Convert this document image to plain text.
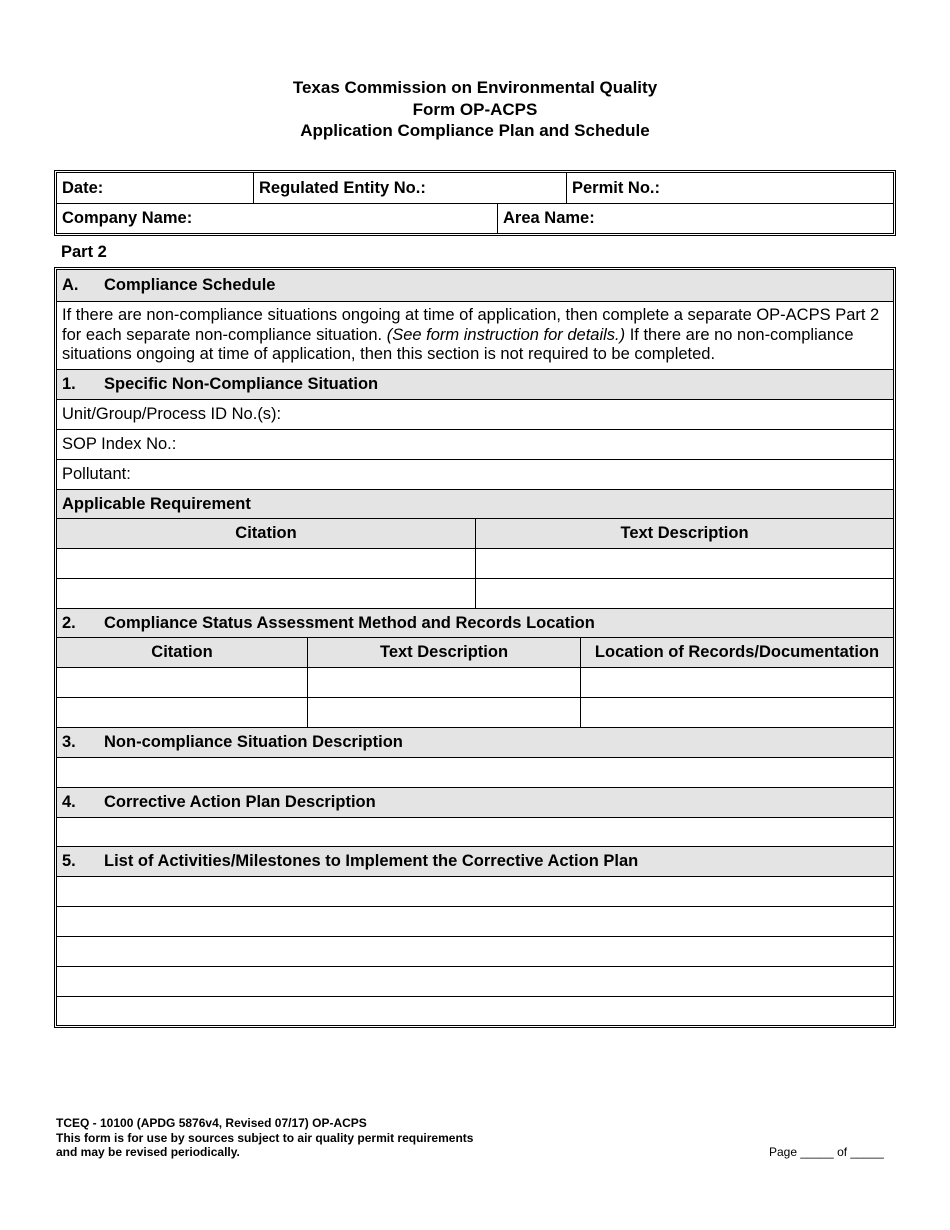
Texas Commission on Environmental Quality
Form OP-ACPS
Application Compliance Plan and Schedule
Date:	Regulated Entity No.:	Permit No.:
Company Name:	Area Name:
Part 2
A.	Compliance Schedule
If there are non-compliance situations ongoing at time of application, then complete a separate OP-ACPS Part 2 for each separate non-compliance situation. (See form instruction for details.) If there are no non-compliance situations ongoing at time of application, then this section is not required to be completed.
1.	Specific Non-Compliance Situation
Unit/Group/Process ID No.(s):
SOP Index No.:
Pollutant:
Applicable Requirement
Citation	Text Description
2.	Compliance Status Assessment Method and Records Location
Citation	Text Description	Location of Records/Documentation
3.	Non-compliance Situation Description
4.	Corrective Action Plan Description
5.	List of Activities/Milestones to Implement the Corrective Action Plan
TCEQ - 10100 (APDG 5876v4, Revised 07/17) OP-ACPS
This form is for use by sources subject to air quality permit requirements
and may be revised periodically.	Page _____ of _____
